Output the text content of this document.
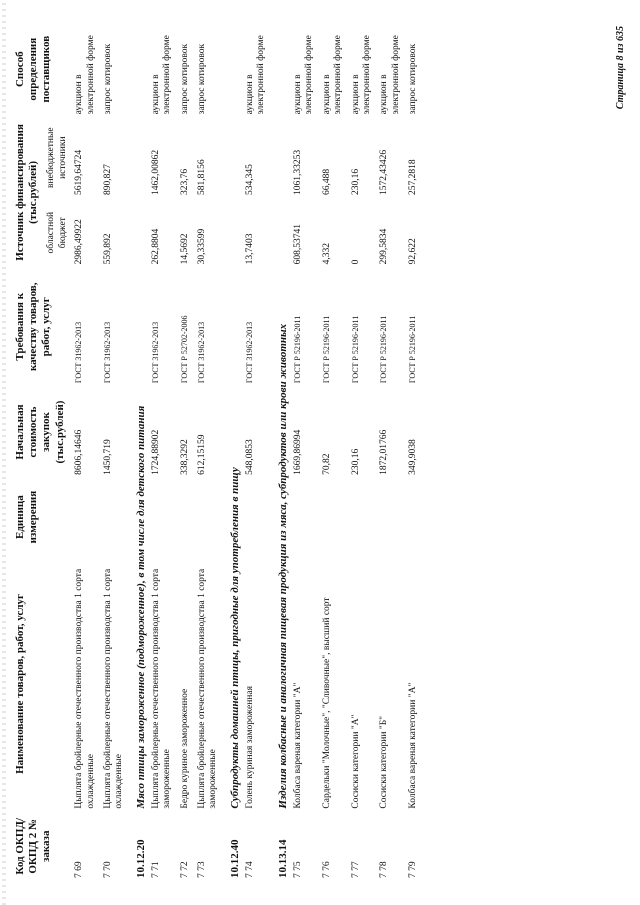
Код ОКПД/ ОКПД 2 № заказа	Наименование товаров, работ, услуг	Единица измерения	Начальная стоимость закупок (тыс.рублей)	Требования к качеству товаров, работ, услуг	Источник финансирования (тыс.рублей)		Способ определения поставщиков
					областной бюджет	внебюджетные источники	
7 69	Цыплята бройлерные отечественного производства 1 сорта охлажденные		8606,14646	ГОСТ 31962-2013	2986,49922	5619,64724	аукцион в электронной форме
7 70	Цыплята бройлерные отечественного производства 1 сорта охлажденные		1450,719	ГОСТ 31962-2013	559,892	890,827	запрос котировок
10.12.20	Мясо птицы замороженное (подмороженное), в том числе для детского питания						
7 71	Цыплята бройлерные отечественного производства 1 сорта замороженные		1724,88902	ГОСТ 31962-2013	262,8804	1462,00862	аукцион в электронной форме
7 72	Бедро куриное замороженное		338,3292	ГОСТ Р 52702-2006	14,5692	323,76	запрос котировок
7 73	Цыплята бройлерные отечественного производства 1 сорта замороженные		612,15159	ГОСТ 31962-2013	30,33599	581,8156	запрос котировок
10.12.40	Субпродукты домашней птицы, пригодные для употребления в пищу						
7 74	Голень куриная замороженная		548,0853	ГОСТ 31962-2013	13,7403	534,345	аукцион в электронной форме
10.13.14	Изделия колбасные и аналогичная пищевая продукция из мяса, субпродуктов или крови животных						
7 75	Колбаса вареная категории "А"		1669,86994	ГОСТ Р 52196-2011	608,53741	1061,33253	аукцион в электронной форме
7 76	Сардельки "Молочные", "Сливочные", высший сорт		70,82	ГОСТ Р 52196-2011	4,332	66,488	аукцион в электронной форме
7 77	Сосиски категории "А"		230,16	ГОСТ Р 52196-2011	0	230,16	аукцион в электронной форме
7 78	Сосиски категории "Б"		1872,01766	ГОСТ Р 52196-2011	299,5834	1572,43426	аукцион в электронной форме
7 79	Колбаса вареная категории "А"		349,9038	ГОСТ Р 52196-2011	92,622	257,2818	запрос котировок	Страница 8 из 635
